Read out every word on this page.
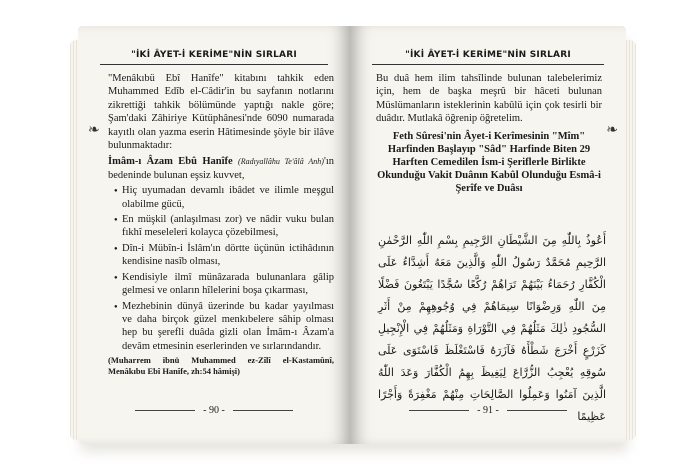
"İKİ ÂYET-İ KERİME"NİN SIRLARI
❧
"Menâkıbü Ebî Hanîfe" kitabını tahkik eden Muhammed Edîb el-Câdir'in bu sayfanın notlarını zikrettiği tahkik bölümünde yaptığı nakle göre; Şam'daki Zâhiriye Kütüphânesi'nde 6090 numarada kayıtlı olan yazma eserin Hâtimesinde şöyle bir ilâve bulunmaktadır:
İmâm-ı Âzam Ebû Hanîfe (Radıyallâhu Te'âlâ Anh)'ın bedeninde bulunan eşsiz kuvvet,
● Hiç uyumadan devamlı ibâdet ve ilimle meşgul olabilme gücü,
● En müşkil (anlaşılması zor) ve nâdir vuku bulan fıkhî meseleleri kolayca çözebilmesi,
● Dîn-i Mübîn-i İslâm'ın dörtte üçünün ictihâdının kendisine nasîb olması,
● Kendisiyle ilmî münâzarada bulunanlara gâlip gelmesi ve onların hîlelerini boşa çıkarması,
● Mezhebinin dünyâ üzerinde bu kadar yayılması ve daha birçok güzel menkıbelere sâhip olması hep bu şerefli duâda gizli olan İmâm-ı Âzam'a devâm etmesinin eserlerinden ve sırlarındandır.
(Muharrem ibnü Muhammed ez-Zîlî el-Kastamûnî, Menâkıbu Ebî Hanîfe, zh:54 hâmişi)
- 90 -
"İKİ ÂYET-İ KERİME"NİN SIRLARI
❧
Bu duâ hem ilim tahsîlinde bulunan talebelerimiz için, hem de başka meşrû bir hâceti bulunan Müslümanların isteklerinin kabûlü için çok tesirli bir duâdır. Mutlakâ öğrenip öğretelim.
Feth Sûresi'nin Âyet-i Kerîmesinin "Mîm" Harfinden Başlayıp "Sâd" Harfinde Biten 29 Harften Cemedilen İsm-i Şeriflerle Birlikte Okunduğu Vakit Duânın Kabûl Olunduğu Esmâ-i Şerîfe ve Duâsı
أَعُوذُ بِاللّٰهِ مِنَ الشَّيْطَانِ الرَّجِيمِ بِسْمِ اللّٰهِ الرَّحْمٰنِ الرَّحِيمِ مُحَمَّدٌ رَسُولُ اللّٰهِ وَالَّذِينَ مَعَهُ أَشِدَّاءُ عَلَى الْكُفَّارِ رُحَمَاءُ بَيْنَهُمْ تَرَاهُمْ رُكَّعًا سُجَّدًا يَبْتَغُونَ فَضْلًا مِنَ اللّٰهِ وَرِضْوَانًا سِيمَاهُمْ فِي وُجُوهِهِمْ مِنْ أَثَرِ السُّجُودِ ذٰلِكَ مَثَلُهُمْ فِي التَّوْرَاةِ وَمَثَلُهُمْ فِي الْإِنْجِيلِ كَزَرْعٍ أَخْرَجَ شَطْأَهُ فَآزَرَهُ فَاسْتَغْلَظَ فَاسْتَوَى عَلَى سُوقِهِ يُعْجِبُ الزُّرَّاعَ لِيَغِيظَ بِهِمُ الْكُفَّارَ وَعَدَ اللّٰهُ الَّذِينَ آمَنُوا وَعَمِلُوا الصَّالِحَاتِ مِنْهُمْ مَغْفِرَةً وَأَجْرًا عَظِيمًا
- 91 -
